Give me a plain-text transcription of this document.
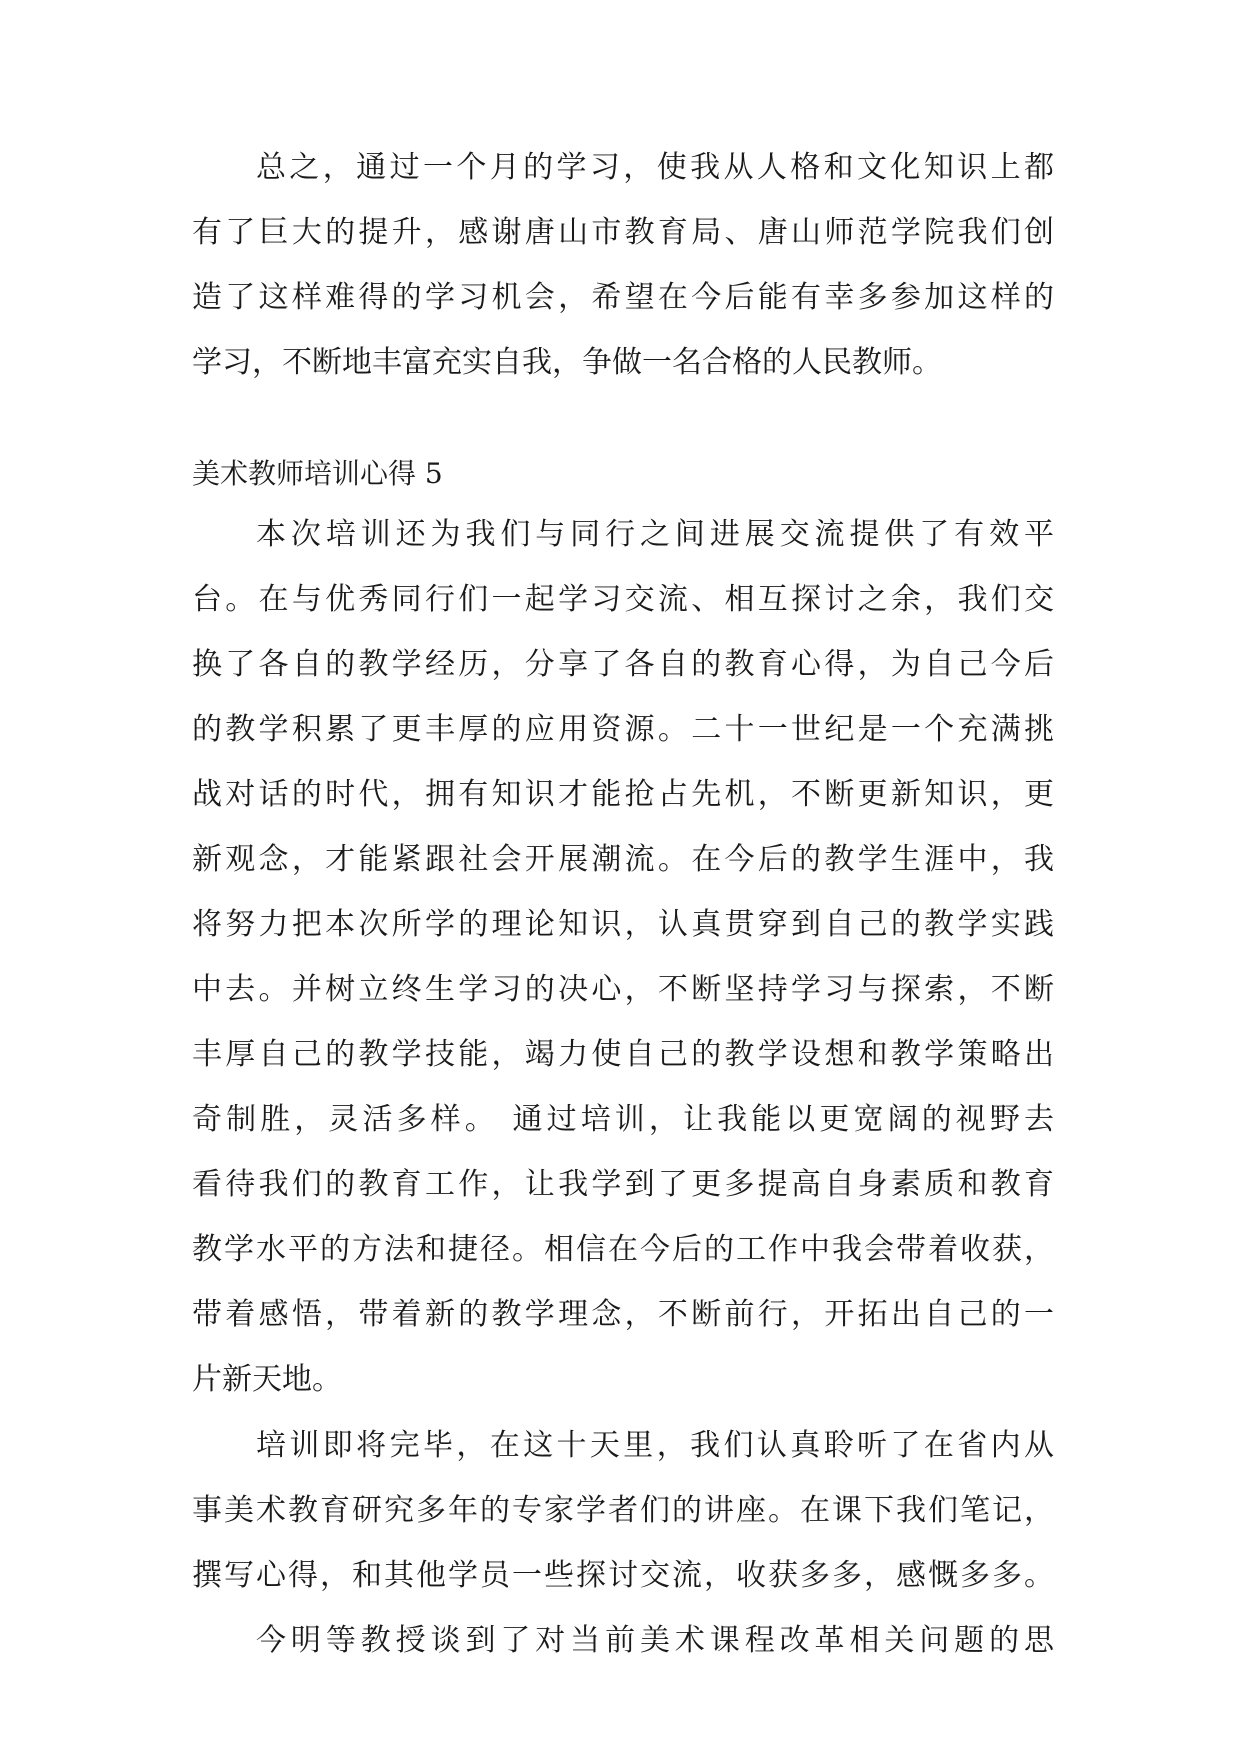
总之，通过一个月的学习，使我从人格和文化知识上都
有了巨大的提升，感谢唐山市教育局、唐山师范学院我们创
造了这样难得的学习机会，希望在今后能有幸多参加这样的
学习，不断地丰富充实自我，争做一名合格的人民教师。
美术教师培训心得 5
本次培训还为我们与同行之间进展交流提供了有效平
台。在与优秀同行们一起学习交流、相互探讨之余，我们交
换了各自的教学经历，分享了各自的教育心得，为自己今后
的教学积累了更丰厚的应用资源。二十一世纪是一个充满挑
战对话的时代，拥有知识才能抢占先机，不断更新知识，更
新观念，才能紧跟社会开展潮流。在今后的教学生涯中，我
将努力把本次所学的理论知识，认真贯穿到自己的教学实践
中去。并树立终生学习的决心，不断坚持学习与探索，不断
丰厚自己的教学技能，竭力使自己的教学设想和教学策略出
奇制胜，灵活多样。 通过培训，让我能以更宽阔的视野去
看待我们的教育工作，让我学到了更多提高自身素质和教育
教学水平的方法和捷径。相信在今后的工作中我会带着收获，
带着感悟，带着新的教学理念，不断前行，开拓出自己的一
片新天地。
培训即将完毕，在这十天里，我们认真聆听了在省内从
事美术教育研究多年的专家学者们的讲座。在课下我们笔记，
撰写心得，和其他学员一些探讨交流，收获多多，感慨多多。
今明等教授谈到了对当前美术课程改革相关问题的思
